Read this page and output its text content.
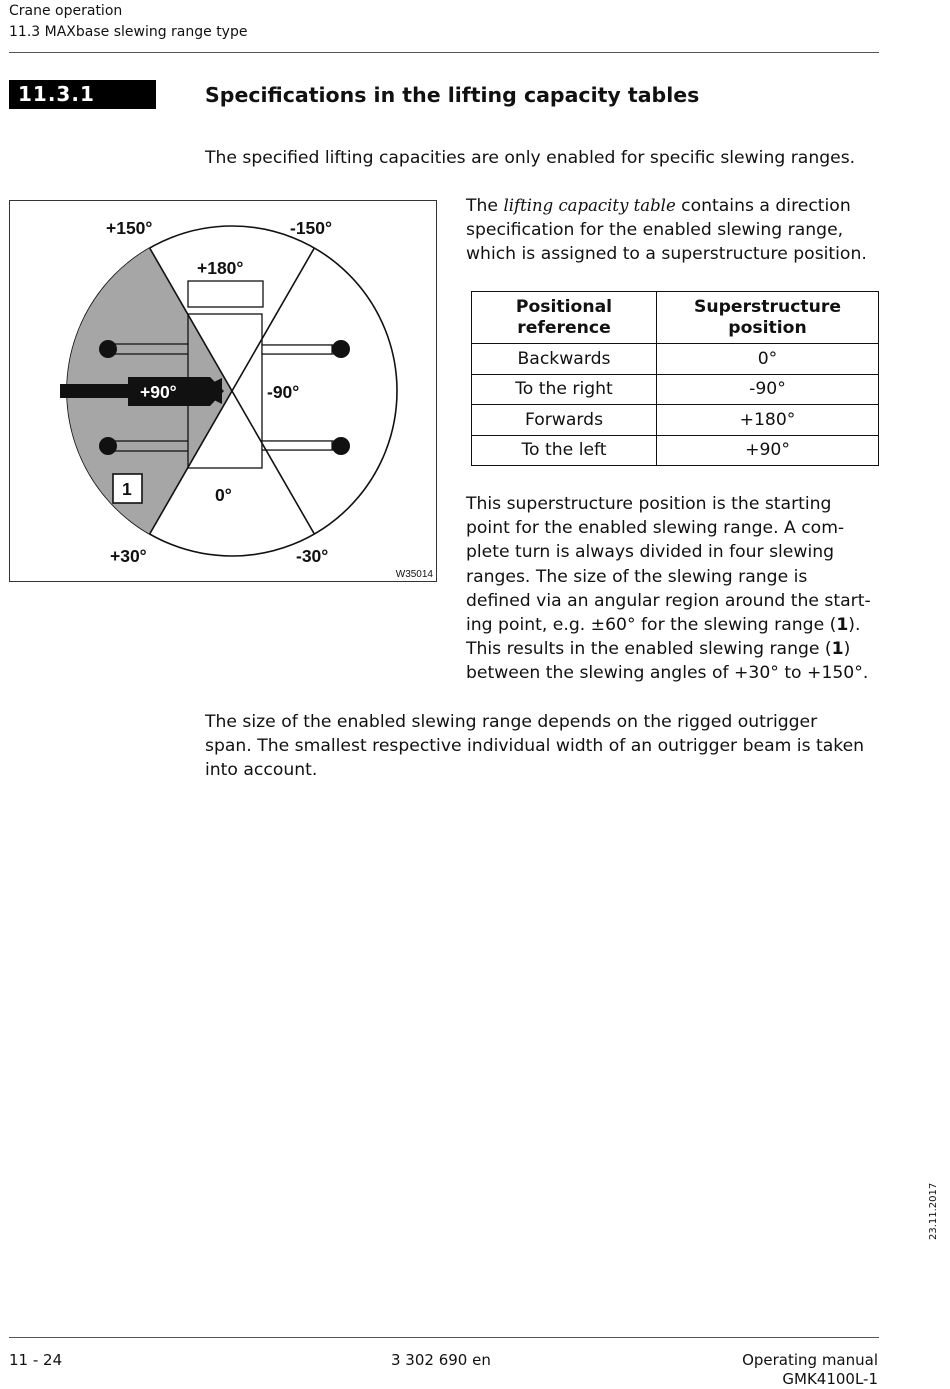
Crane operation
11.3 MAXbase slewing range type
11.3.1	Specifications in the lifting capacity tables

The specified lifting capacities are only enabled for specific slewing ranges.

+150°	-150°
+180°
+90°	-90°
0°
+30°	-30°
1
W35014

The lifting capacity table contains a direction
specification for the enabled slewing range,
which is assigned to a superstructure position.

Positional
reference	Superstructure
position
Backwards	0°
To the right	-90°
Forwards	+180°
To the left	+90°

This superstructure position is the starting
point for the enabled slewing range. A com-
plete turn is always divided in four slewing
ranges. The size of the slewing range is
defined via an angular region around the start-
ing point, e.g. ±60° for the slewing range (1).
This results in the enabled slewing range (1)
between the slewing angles of +30° to +150°.

The size of the enabled slewing range depends on the rigged outrigger
span. The smallest respective individual width of an outrigger beam is taken
into account.

23.11.2017
11 - 24	3 302 690 en	Operating manual
GMK4100L-1
